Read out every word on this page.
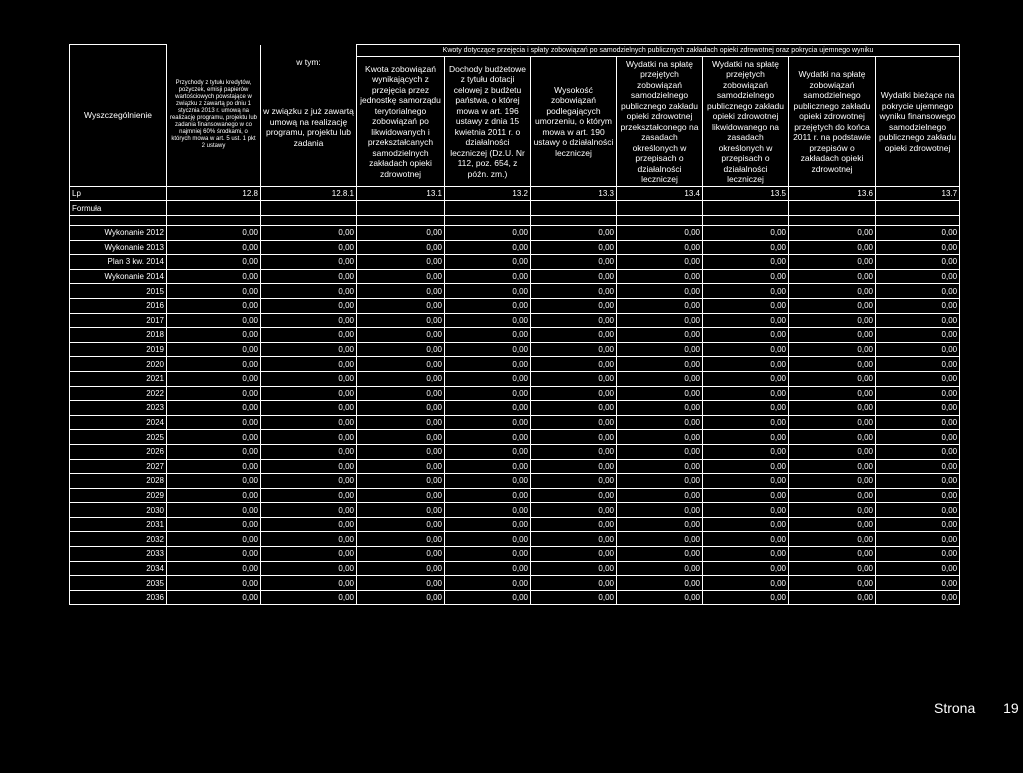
Wyszczególnienie	Przychody z tytułu kredytów, pożyczek, emisji papierów wartościowych powstające w związku z zawartą po dniu 1 stycznia 2013 r. umową na realizację programu, projektu lub zadania finansowanego w co najmniej 60% środkami, o których mowa w art. 5 ust. 1 pkt 2 ustawy		Kwoty dotyczące przejęcia i spłaty zobowiązań po samodzielnych publicznych zakładach opieki zdrowotnej oraz pokrycia ujemnego wyniku						
		w tym:	Kwota zobowiązań wynikających z przejęcia przez jednostkę samorządu terytorialnego zobowiązań po likwidowanych i przekształcanych samodzielnych zakładach opieki zdrowotnej	Dochody budżetowe z tytułu dotacji celowej z budżetu państwa, o której mowa w art. 196 ustawy z dnia 15 kwietnia 2011 r. o działalności leczniczej (Dz.U. Nr 112, poz. 654, z późn. zm.)	Wysokość zobowiązań podlegających umorzeniu, o którym mowa w art. 190 ustawy o działalności leczniczej	Wydatki na spłatę przejętych zobowiązań samodzielnego publicznego zakładu opieki zdrowotnej przekształconego na zasadach określonych w przepisach o działalności leczniczej	Wydatki na spłatę przejętych zobowiązań samodzielnego publicznego zakładu opieki zdrowotnej likwidowanego na zasadach określonych w przepisach o działalności leczniczej	Wydatki na spłatę zobowiązań samodzielnego publicznego zakładu opieki zdrowotnej przejętych do końca 2011 r. na podstawie przepisów o zakładach opieki zdrowotnej	Wydatki bieżące na pokrycie ujemnego wyniku finansowego samodzielnego publicznego zakładu opieki zdrowotnej
		w związku z już zawartą umową na realizację programu, projektu lub zadania							
Lp	12.8	12.8.1	13.1	13.2	13.3	13.4	13.5	13.6	13.7
Formuła									

Wykonanie 2012	0,00	0,00	0,00	0,00	0,00	0,00	0,00	0,00	0,00
Wykonanie 2013	0,00	0,00	0,00	0,00	0,00	0,00	0,00	0,00	0,00
Plan 3 kw. 2014	0,00	0,00	0,00	0,00	0,00	0,00	0,00	0,00	0,00
Wykonanie 2014	0,00	0,00	0,00	0,00	0,00	0,00	0,00	0,00	0,00
2015	0,00	0,00	0,00	0,00	0,00	0,00	0,00	0,00	0,00
2016	0,00	0,00	0,00	0,00	0,00	0,00	0,00	0,00	0,00
2017	0,00	0,00	0,00	0,00	0,00	0,00	0,00	0,00	0,00
2018	0,00	0,00	0,00	0,00	0,00	0,00	0,00	0,00	0,00
2019	0,00	0,00	0,00	0,00	0,00	0,00	0,00	0,00	0,00
2020	0,00	0,00	0,00	0,00	0,00	0,00	0,00	0,00	0,00
2021	0,00	0,00	0,00	0,00	0,00	0,00	0,00	0,00	0,00
2022	0,00	0,00	0,00	0,00	0,00	0,00	0,00	0,00	0,00
2023	0,00	0,00	0,00	0,00	0,00	0,00	0,00	0,00	0,00
2024	0,00	0,00	0,00	0,00	0,00	0,00	0,00	0,00	0,00
2025	0,00	0,00	0,00	0,00	0,00	0,00	0,00	0,00	0,00
2026	0,00	0,00	0,00	0,00	0,00	0,00	0,00	0,00	0,00
2027	0,00	0,00	0,00	0,00	0,00	0,00	0,00	0,00	0,00
2028	0,00	0,00	0,00	0,00	0,00	0,00	0,00	0,00	0,00
2029	0,00	0,00	0,00	0,00	0,00	0,00	0,00	0,00	0,00
2030	0,00	0,00	0,00	0,00	0,00	0,00	0,00	0,00	0,00
2031	0,00	0,00	0,00	0,00	0,00	0,00	0,00	0,00	0,00
2032	0,00	0,00	0,00	0,00	0,00	0,00	0,00	0,00	0,00
2033	0,00	0,00	0,00	0,00	0,00	0,00	0,00	0,00	0,00
2034	0,00	0,00	0,00	0,00	0,00	0,00	0,00	0,00	0,00
2035	0,00	0,00	0,00	0,00	0,00	0,00	0,00	0,00	0,00
2036	0,00	0,00	0,00	0,00	0,00	0,00	0,00	0,00	0,00
Strona 19
